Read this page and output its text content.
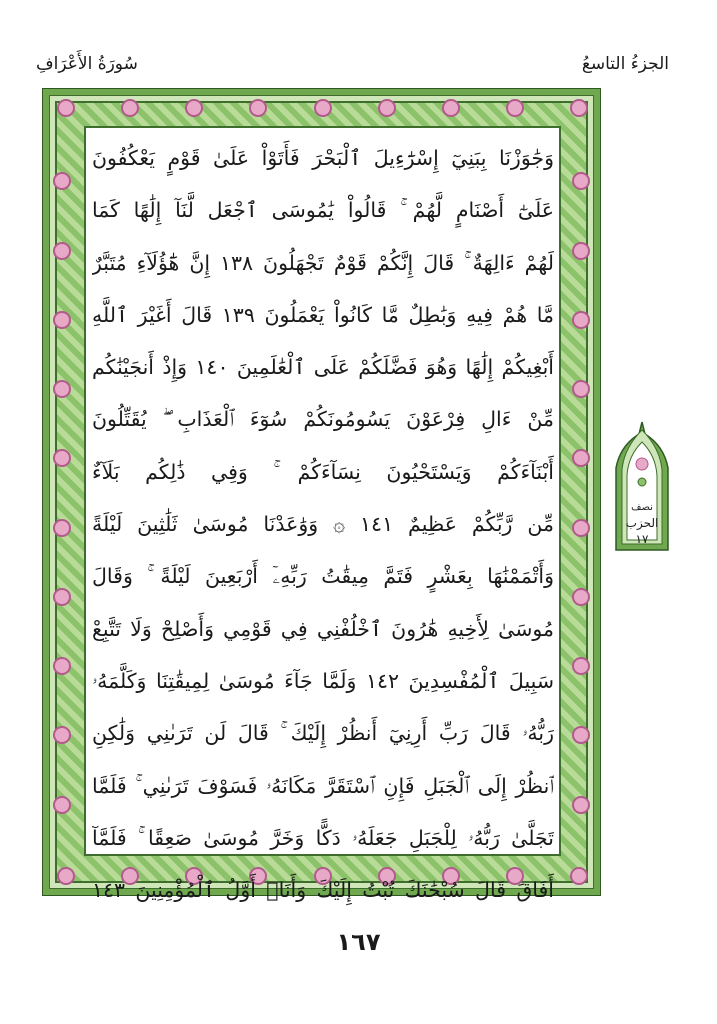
الجزءُ التاسعُ
سُورَةُ الأَعْرَافِ
وَجَٰوَزْنَا بِبَنِيٓ إِسْرَٰٓءِيلَ ٱلْبَحْرَ فَأَتَوْاْ عَلَىٰ قَوْمٍ يَعْكُفُونَ
عَلَىٰٓ أَصْنَامٍ لَّهُمْ ۚ قَالُواْ يَٰمُوسَى ٱجْعَل لَّنَآ إِلَٰهًا كَمَا
لَهُمْ ءَالِهَةٌ ۚ قَالَ إِنَّكُمْ قَوْمٌ تَجْهَلُونَ ١٣٨ إِنَّ هَٰٓؤُلَآءِ مُتَبَّرٌ
مَّا هُمْ فِيهِ وَبَٰطِلٌ مَّا كَانُواْ يَعْمَلُونَ ١٣٩ قَالَ أَغَيْرَ ٱللَّهِ
أَبْغِيكُمْ إِلَٰهًا وَهُوَ فَضَّلَكُمْ عَلَى ٱلْعَٰلَمِينَ ١٤٠ وَإِذْ أَنجَيْنَٰكُم
مِّنْ ءَالِ فِرْعَوْنَ يَسُومُونَكُمْ سُوٓءَ ٱلْعَذَابِ ۖ يُقَتِّلُونَ
أَبْنَآءَكُمْ وَيَسْتَحْيُونَ نِسَآءَكُمْ ۚ وَفِي ذَٰلِكُم بَلَآءٌ
مِّن رَّبِّكُمْ عَظِيمٌ ١٤١ ۞ وَوَٰعَدْنَا مُوسَىٰ ثَلَٰثِينَ لَيْلَةً
وَأَتْمَمْنَٰهَا بِعَشْرٍ فَتَمَّ مِيقَٰتُ رَبِّهِۦٓ أَرْبَعِينَ لَيْلَةً ۚ وَقَالَ
مُوسَىٰ لِأَخِيهِ هَٰرُونَ ٱخْلُفْنِي فِي قَوْمِي وَأَصْلِحْ وَلَا تَتَّبِعْ
سَبِيلَ ٱلْمُفْسِدِينَ ١٤٢ وَلَمَّا جَآءَ مُوسَىٰ لِمِيقَٰتِنَا وَكَلَّمَهُۥ
رَبُّهُۥ قَالَ رَبِّ أَرِنِيٓ أَنظُرْ إِلَيْكَ ۚ قَالَ لَن تَرَىٰنِي وَلَٰكِنِ
ٱنظُرْ إِلَى ٱلْجَبَلِ فَإِنِ ٱسْتَقَرَّ مَكَانَهُۥ فَسَوْفَ تَرَىٰنِي ۚ فَلَمَّا
تَجَلَّىٰ رَبُّهُۥ لِلْجَبَلِ جَعَلَهُۥ دَكًّا وَخَرَّ مُوسَىٰ صَعِقًا ۚ فَلَمَّآ
أَفَاقَ قَالَ سُبْحَٰنَكَ تُبْتُ إِلَيْكَ وَأَنَا۠ أَوَّلُ ٱلْمُؤْمِنِينَ ١٤٣
نصف
الحزب
١٧
١٦٧
